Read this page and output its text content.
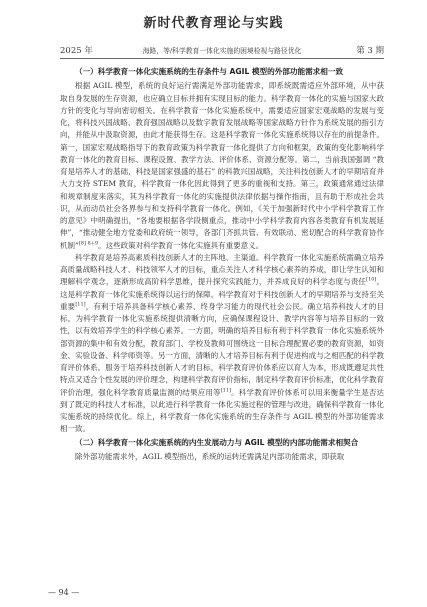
新时代教育理论与实践
2025 年	海路，等/科学教育一体化实施的困境检视与路径优化	第 3 期
（一）科学教育一体化实施系统的生存条件与 AGIL 模型的外部功能需求相一致

根据 AGIL 模型，系统的良好运行需满足外部功能需求，即系统既需适应外部环境，从中获取自身发展的生存资源，也应确立目标并拥有实现目标的能力。科学教育一体化的实施与国家大政方针的变化与导向密切相关。在科学教育一体化实施系统中，需要适应国家宏观战略的发展与变化，将科技兴国战略、教育强国战略以及数字教育发展战略等国家战略方针作为系统发展的指引方向，并能从中汲取资源，由此才能获得生存。这是科学教育一体化实施系统得以存在的前提条件。第一，国家宏观战略指导下的教育政策为科学教育一体化提供了方向和框架，政策的变化影响科学教育一体化的教育目标、课程设置、教学方法、评价体系、资源分配等。第二，当前我国强调 “教育是培养人才的基础，科技是国家强盛的基石” 的科教兴国战略，关注科技创新人才的早期培育并大力支持 STEM 教育，科学教育一体化因此得到了更多的重视和支持。第三，政策通常通过法律和规章制度来落实，其为科学教育一体化的实施提供法律依据与操作指南，且有助于形成社会共识，从而动员社会各界参与和支持科学教育一体化。例如，《关于加强新时代中小学科学教育工作的意见》中明确提出，“各地要根据各学段侧重点，推动中小学科学教育内容各类教育有机发展延伸”，“推动健全地方党委和政府统一领导，各部门齐抓共管、有效联动、密切配合的科学教育协作机制”$^{[8] 8+9}$。这些政策对科学教育一体化实施具有重要意义。

科学教育是培养高素质科技创新人才的主阵地、主渠道。科学教育一体化实施系统需确立培养高质量战略科技人才、科技领军人才的目标，重点关注人才科学核心素养的养成，即让学生认知和理解科学观念，逐渐形成高阶科学思维，提升探究实践能力，并养成良好的科学态度与责任[10]。这是科学教育一体化实施系统得以运行的保障。科学教育对于科技创新人才的早期培养与支持至关重要[11]，有利于培养具备科学核心素养、终身学习能力的现代社会公民。确立培养科技人才的目标，为科学教育一体化实施系统提供清晰方向，应确保课程设计、教学内容等与培养目标的一致性，以有效培养学生的科学核心素养。一方面，明确的培养目标有利于科学教育一体化实施系统外部资源的集中和有效分配，教育部门、学校及教师可围绕这一目标合理配置必要的教育资源，如资金、实验设备、科学师资等。另一方面，清晰的人才培养目标有利于促进构成与之相匹配的科学教育评价体系。服务于培养科技创新人才的目标，科学教育评价体系应以育人为本，形成既遵足共性特点又适合个性发展的评价理念，构建科学教育评价指标，制定科学教育评价标准，优化科学教育评价治理，强化科学教育质量监测的结果应用等[11]。科学教育评价体系可以用来衡量学生是否达到了既定的科技人才标准，以此进行科学教育一体化实施过程的管理与改进，确保科学教育一体化实施系统的持续优化。综上，科学教育一体化实施系统的生存条件与 AGIL 模型的外部功能需求相一致。

（二）科学教育一体化实施系统的内生发展动力与 AGIL 模型的内部功能需求相契合

除外部功能需求外，AGIL 模型指出，系统的运转还需满足内部功能需求，即获取

— 94 —
